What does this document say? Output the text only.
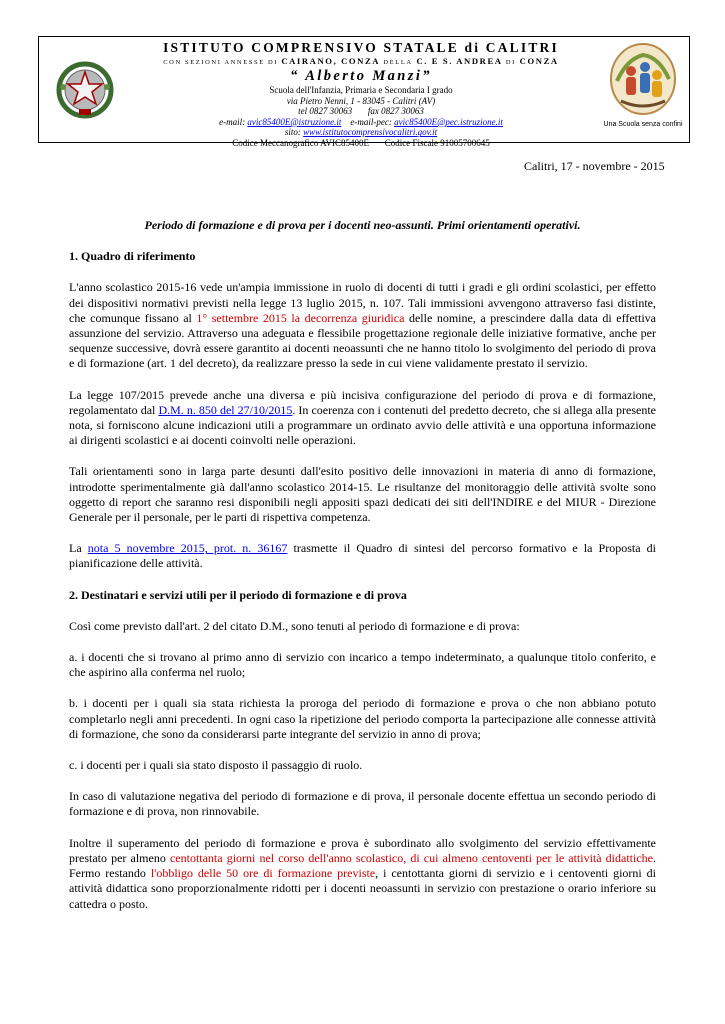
ISTITUTO COMPRENSIVO STATALE di CALITRI
CON SEZIONI ANNESSE DI CAIRANO, CONZA DELLA C. E S. ANDREA DI CONZA
“ Alberto Manzi”
Scuola dell'Infanzia, Primaria e Secondaria I grado
via Pietro Nenni, 1 - 83045 - Calitri (AV)
tel 0827 30063 fax 0827 30063
e-mail: avic85400E@istruzione.it e-mail-pec: avic85400E@pec.istruzione.it
sito: www.istitutocomprensivocalitri.gov.it
Codice Meccanografico AVIC85400E Codice Fiscale 91005700645
Una Scuola senza confini
Calitri, 17 - novembre - 2015

Periodo di formazione e di prova per i docenti neo-assunti. Primi orientamenti operativi.

1. Quadro di riferimento

L'anno scolastico 2015-16 vede un'ampia immissione in ruolo di docenti di tutti i gradi e gli ordini scolastici, per effetto dei dispositivi normativi previsti nella legge 13 luglio 2015, n. 107. Tali immissioni avvengono attraverso fasi distinte, che comunque fissano al 1° settembre 2015 la decorrenza giuridica delle nomine, a prescindere dalla data di effettiva assunzione del servizio. Attraverso una adeguata e flessibile progettazione regionale delle iniziative formative, anche per sequenze successive, dovrà essere garantito ai docenti neoassunti che ne hanno titolo lo svolgimento del periodo di prova e di formazione (art. 1 del decreto), da realizzare presso la sede in cui viene validamente prestato il servizio.

La legge 107/2015 prevede anche una diversa e più incisiva configurazione del periodo di prova e di formazione, regolamentato dal D.M. n. 850 del 27/10/2015. In coerenza con i contenuti del predetto decreto, che si allega alla presente nota, si forniscono alcune indicazioni utili a programmare un ordinato avvio delle attività e una opportuna informazione ai dirigenti scolastici e ai docenti coinvolti nelle operazioni.

Tali orientamenti sono in larga parte desunti dall'esito positivo delle innovazioni in materia di anno di formazione, introdotte sperimentalmente già dall'anno scolastico 2014-15. Le risultanze del monitoraggio delle attività svolte sono oggetto di report che saranno resi disponibili negli appositi spazi dedicati dei siti dell'INDIRE e del MIUR - Direzione Generale per il personale, per le parti di rispettiva competenza.

La nota 5 novembre 2015, prot. n. 36167 trasmette il Quadro di sintesi del percorso formativo e la Proposta di pianificazione delle attività.

2. Destinatari e servizi utili per il periodo di formazione e di prova

Così come previsto dall'art. 2 del citato D.M., sono tenuti al periodo di formazione e di prova:

a. i docenti che si trovano al primo anno di servizio con incarico a tempo indeterminato, a qualunque titolo conferito, e che aspirino alla conferma nel ruolo;

b. i docenti per i quali sia stata richiesta la proroga del periodo di formazione e prova o che non abbiano potuto completarlo negli anni precedenti. In ogni caso la ripetizione del periodo comporta la partecipazione alle connesse attività di formazione, che sono da considerarsi parte integrante del servizio in anno di prova;

c. i docenti per i quali sia stato disposto il passaggio di ruolo.

In caso di valutazione negativa del periodo di formazione e di prova, il personale docente effettua un secondo periodo di formazione e di prova, non rinnovabile.

Inoltre il superamento del periodo di formazione e prova è subordinato allo svolgimento del servizio effettivamente prestato per almeno centottanta giorni nel corso dell'anno scolastico, di cui almeno centoventi per le attività didattiche. Fermo restando l'obbligo delle 50 ore di formazione previste, i centottanta giorni di servizio e i centoventi giorni di attività didattica sono proporzionalmente ridotti per i docenti neoassunti in servizio con prestazione o orario inferiore su cattedra o posto.
